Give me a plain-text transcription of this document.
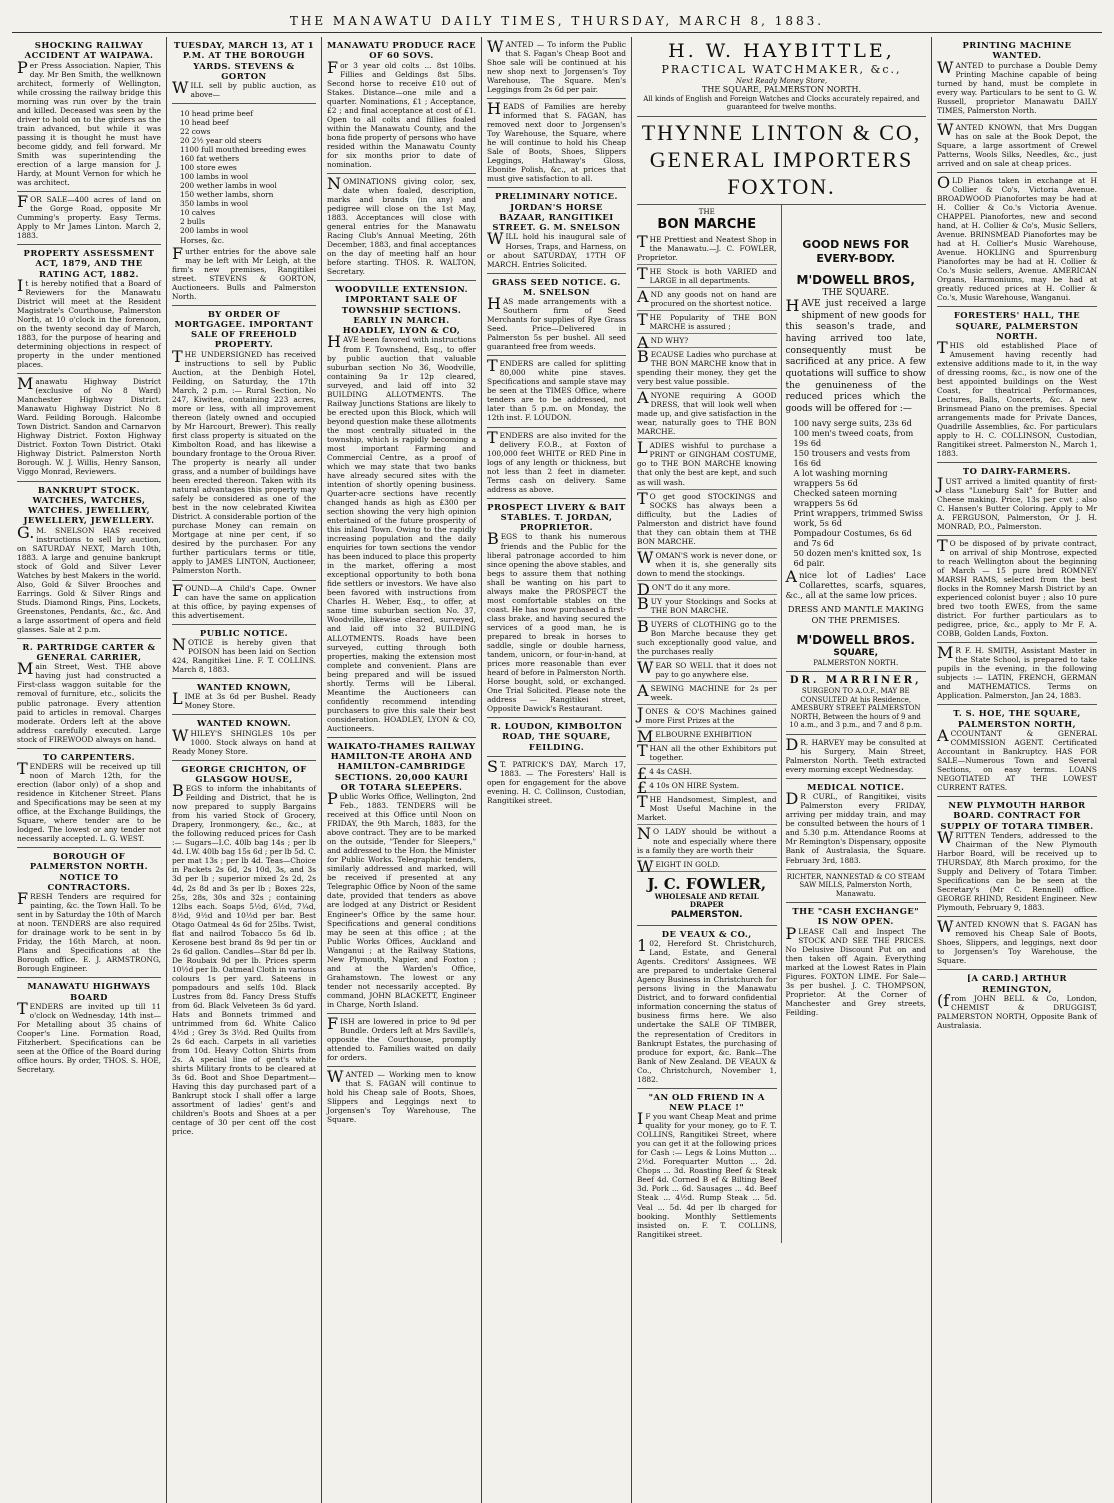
THE MANAWATU DAILY TIMES, THURSDAY, MARCH 8, 1883.
SHOCKING RAILWAY ACCIDENT AT WAIPAWA.
Per Press Association. Napier, This day. Mr Ben Smith, the wellknown architect, formerly of Wellington, while crossing the railway bridge this morning was run over by the train and killed. Deceased was seen by the driver to hold on to the girders as the train advanced, but while it was passing it is thought he must have become giddy, and fell forward. Mr Smith was superintending the erection of a large mansion for J. Hardy, at Mount Vernon for which he was architect.
FOR SALE—400 acres of land on the Gorge Road, opposite Mr Cumming's property. Easy Terms. Apply to Mr James Linton. March 2, 1883.
PROPERTY ASSESSMENT ACT, 1879, AND THE RATING ACT, 1882.
It is hereby notified that a Board of Reviewers for the Manawatu District will meet at the Resident Magistrate's Courthouse, Palmerston North, at 10 o'clock in the forenoon, on the twenty second day of March, 1883, for the purpose of hearing and determining objections in respect of property in the under mentioned places.
Manawatu Highway District (exclusive of No 8 Ward) Manchester Highway District. Manawatu Highway District No 8 Ward. Feilding Borough. Halcombe Town District. Sandon and Carnarvon Highway District. Foxton Highway District. Foxton Town District. Otaki Highway District. Palmerston North Borough. W. J. Willis, Henry Sanson, Viggo Monrad, Reviewers.
BANKRUPT STOCK. WATCHES, WATCHES, WATCHES. JEWELLERY, JEWELLERY, JEWELLERY.
G.M. SNELSON HAS received instructions to sell by auction, on SATURDAY NEXT, March 10th, 1883. A large and genuine bankrupt stock of Gold and Silver Lever Watches by best Makers in the world. Also, Gold & Silver Brooches and Earrings. Gold & Silver Rings and Studs. Diamond Rings, Pins, Lockets, Greenstones, Pendants, &c., &c. And a large assortment of opera and field glasses. Sale at 2 p.m.
R. PARTRIDGE CARTER & GENERAL CARRIER,
Main Street, West. THE above having just had constructed a First-class waggon suitable for the removal of furniture, etc., solicits the public patronage. Every attention paid to articles in removal. Charges moderate. Orders left at the above address carefully executed. Large stock of FIREWOOD always on hand.
TO CARPENTERS.
TENDERS will be received up till noon of March 12th, for the erection (labor only) of a shop and residence in Kitchener Street. Plans and Specifications may be seen at my office, at the Exchange Buildings, the Square, where tender are to be lodged. The lowest or any tender not necessarily accepted. L. G. WEST.
BOROUGH OF PALMERSTON NORTH. NOTICE TO CONTRACTORS.
FRESH Tenders are required for painting, &c. the Town Hall. To be sent in by Saturday the 10th of March at noon. TENDERS are also required for drainage work to be sent in by Friday, the 16th March, at noon. Plans and Specifications at the Borough office. E. J. ARMSTRONG, Borough Engineer.
MANAWATU HIGHWAYS BOARD
TENDERS are invited up till 11 o'clock on Wednesday, 14th inst— For Metalling about 35 chains of Cooper's Line. Formation Road, Fitzherbert. Specifications can be seen at the Office of the Board during office hours. By order, THOS. S. HOE, Secretary.
TUESDAY, MARCH 13, AT 1 P.M. AT THE BOROUGH YARDS. STEVENS & GORTON
WILL sell by public auction, as above—
10 head prime beef
10 head beef
22 cows
20 2½ year old steers
1100 full mouthed breeding ewes
160 fat wethers
100 store ewes
100 lambs in wool
200 wether lambs in wool
150 wether lambs, shorn
350 lambs in wool
10 calves
2 bulls
200 lambs in wool
Horses, &c.
Further entries for the above sale may be left with Mr Leigh, at the firm's new premises, Rangitikei street. STEVENS & GORTON, Auctioneers. Bulls and Palmerston North.
BY ORDER OF MORTGAGEE. IMPORTANT SALE OF FREEHOLD PROPERTY.
THE UNDERSIGNED has received instructions to sell by Public Auction, at the Denbigh Hotel, Feilding, on Saturday, the 17th March, 2 p.m. :— Rural Section, No 247, Kiwitea, containing 223 acres, more or less, with all improvement thereon (lately owned and occupied by Mr Harcourt, Brewer). This really first class property is situated on the Kimbolton Road, and has likewise a boundary frontage to the Oroua River. The property is nearly all under grass, and a number of buildings have been erected thereon. Taken with its natural advantages this property may safely be considered as one of the best in the now celebrated Kiwitea District. A considerable portion of the purchase Money can remain on Mortgage at nine per cent, if so desired by the purchaser. For any further particulars terms or title, apply to JAMES LINTON, Auctioneer, Palmerston North.
FOUND—A Child's Cape. Owner can have the same on application at this office, by paying expenses of this advertisement.
PUBLIC NOTICE.
NOTICE is hereby given that POISON has been laid on Section 424, Rangitikei Line. F. T. COLLINS. March 8, 1883.
WANTED KNOWN,
LIME at 3s 6d per Bushel. Ready Money Store.
WANTED KNOWN.
WHILEY'S SHINGLES 10s per 1000. Stock always on hand at Ready Money Store.
GEORGE CRICHTON, OF GLASGOW HOUSE,
BEGS to inform the inhabitants of Feilding and District, that he is now prepared to supply Bargains from his varied Stock of Grocery, Drapery, Ironmongery, &c., &c., at the following reduced prices for Cash :— Sugars—I.C. 40lb bag 14s ; per lb 4d. I.W. 40lb bag 15s 6d ; per lb 5d. C. per mat 13s ; per lb 4d. Teas—Choice in Packets 2s 6d, 2s 10d, 3s, and 3s 3d per lb ; superior mixed 2s 2d, 2s 4d, 2s 8d and 3s per lb ; Boxes 22s, 25s, 28s, 30s and 32s ; containing 12lbs each. Soaps 5½d, 6½d, 7¼d, 8½d, 9½d and 10½d per bar. Best Otago Oatmeal 4s 6d for 25lbs. Twist, flat and nailrod Tobacco 5s 6d lb. Kerosene best brand 8s 9d per tin or 2s 6d gallon. Candles—Star 8d per lb. De Roubaix 9d per lb. Prices sperm 10½d per lb. Oatmeal Cloth in various colours 1s per yard. Sateens in pompadours and selfs 10d. Black Lustres from 8d. Fancy Dress Stuffs from 6d. Black Velveteen 3s 6d yard. Hats and Bonnets trimmed and untrimmed from 6d. White Calico 4½d ; Grey 3s 3½d. Red Quilts from 2s 6d each. Carpets in all varieties from 10d. Heavy Cotton Shirts from 2s. A special line of gent's white shirts Military fronts to be cleared at 3s 6d. Boot and Shoe Department—Having this day purchased part of a Bankrupt stock I shall offer a large assortment of ladies' gent's and children's Boots and Shoes at a per centage of 30 per cent off the cost price.
MANAWATU PRODUCE RACE OF 60 SOVS.
For 3 year old colts ... 8st 10lbs. Fillies and Geldings 8st 5lbs. Second horse to receive £10 out of Stakes. Distance—one mile and a quarter. Nominations, £1 ; Acceptance, £2 ; and final acceptance at cost of £1. Open to all colts and fillies foaled within the Manawatu County, and the bona fide property of persons who have resided within the Manawatu County for six months prior to date of nomination.
NOMINATIONS giving color, sex, date when foaled, description, marks and brands (in any) and pedigree will close on the 1st May, 1883. Acceptances will close with general entries for the Manawatu Racing Club's Annual Meeting, 26th December, 1883, and final acceptances on the day of meeting half an hour before starting. THOS. R. WALTON, Secretary.
WOODVILLE EXTENSION. IMPORTANT SALE OF TOWNSHIP SECTIONS. EARLY IN MARCH. HOADLEY, LYON & CO,
HAVE been favored with instructions from F. Townshend, Esq., to offer by public auction that valuable suburban section No 36, Woodville, containing 9a 1r 12p cleared, surveyed, and laid off into 32 BUILDING ALLOTMENTS. The Railway Junctions Stations are likely to be erected upon this Block, which will beyond question make these allotments the most centrally situated in the township, which is rapidly becoming a most important Farming and Commercial Centre, as a proof of which we may state that two banks have already secured sites with the intention of shortly opening business. Quarter-acre sections have recently changed hands as high as £300 per section showing the very high opinion entertained of the future prosperity of this inland Town. Owing to the rapidly increasing population and the daily enquiries for town sections the vendor has been induced to place this property in the market, offering a most exceptional opportunity to both bona fide settlers or investors. We have also been favored with instructions from Charles H. Weber, Esq., to offer, at same time suburban section No. 37, Woodville, likewise cleared, surveyed, and laid off into 32 BUILDING ALLOTMENTS. Roads have been surveyed, cutting through both properties, making the extension most complete and convenient. Plans are being prepared and will be issued shortly. Terms will be Liberal. Meantime the Auctioneers can confidently recommend intending purchasers to give this sale their best consideration. HOADLEY, LYON & CO, Auctioneers.
WAIKATO-THAMES RAILWAY HAMILTON-TE AROHA AND HAMILTON-CAMBRIDGE SECTIONS. 20,000 KAURI OR TOTARA SLEEPERS.
Public Works Office, Wellington, 2nd Feb., 1883. TENDERS will be received at this Office until Noon on FRIDAY, the 9th March, 1883, for the above contract. They are to be marked on the outside, "Tender for Sleepers," and addressed to the Hon. the Minister for Public Works. Telegraphic tenders, similarly addressed and marked, will be received if presented at any Telegraphic Office by Noon of the same date, provided that tenders as above are lodged at any District or Resident Engineer's Office by the same hour. Specifications and general conditions may be seen at this office ; at the Public Works Offices, Auckland and Wanganui ; at the Railway Stations, New Plymouth, Napier, and Foxton ; and at the Warden's Office, Grahamstown. The lowest or any tender not necessarily accepted. By command, JOHN BLACKETT, Engineer in Charge, North Island.
FISH are lowered in price to 9d per Bundle. Orders left at Mrs Saville's, opposite the Courthouse, promptly attended to. Families waited on daily for orders.
WANTED — Working men to know that S. FAGAN will continue to hold his Cheap sale of Boots, Shoes, Slippers and Leggings next to Jorgensen's Toy Warehouse, The Square.
WANTED — To inform the Public that S. Fagan's Cheap Boot and Shoe sale will be continued at his new shop next to Jorgensen's Toy Warehouse, The Square. Men's Leggings from 2s 6d per pair.
HEADS of Families are hereby informed that S. FAGAN, has removed next door to Jorgensen's Toy Warehouse, the Square, where he will continue to hold his Cheap Sale of Boots, Shoes, Slippers Leggings, Hathaway's Gloss, Ebonite Polish, &c., at prices that must give satisfaction to all.
PRELIMINARY NOTICE. JORDAN'S HORSE BAZAAR, RANGITIKEI STREET. G. M. SNELSON
WILL hold his inaugural sale of Horses, Traps, and Harness, on or about SATURDAY, 17TH OF MARCH. Entries Solicited.
GRASS SEED NOTICE. G. M. SNELSON
HAS made arrangements with a Southern firm of Seed Merchants for supplies of Rye Grass Seed. Price—Delivered in Palmerston 5s per bushel. All seed guaranteed free from weeds.
TENDERS are called for splitting 80,000 white pine staves. Specifications and sample stave may be seen at the TIMES Office, where tenders are to be addressed, not later than 5 p.m. on Monday, the 12th inst. F. LOUDON.
TENDERS are also invited for the delivery F.O.B., at Foxton of 100,000 feet WHITE or RED Pine in logs of any length or thickness, but not less than 2 feet in diameter. Terms cash on delivery. Same address as above.
PROSPECT LIVERY & BAIT STABLES. T. JORDAN, PROPRIETOR.
BEGS to thank his numerous friends and the Public for the liberal patronage accorded to him since opening the above stables, and begs to assure them that nothing shall be wanting on his part to always make the PROSPECT the most comfortable stables on the coast. He has now purchased a first-class brake, and having secured the services of a good man, he is prepared to break in horses to saddle, single or double harness, tandem, unicorn, or four-in-hand, at prices more reasonable than ever heard of before in Palmerston North. Horse bought, sold, or exchanged. One Trial Solicited. Please note the address — Rangitikei street, Opposite Dawick's Restaurant.
R. LOUDON, KIMBOLTON ROAD, THE SQUARE, FEILDING.
ST. PATRICK'S DAY, March 17, 1883. — The Foresters' Hall is open for engagement for the above evening. H. C. Collinson, Custodian, Rangitikei street.
H. W. HAYBITTLE,
PRACTICAL WATCHMAKER, &c.,
Next Ready Money Store,
THE SQUARE, PALMERSTON NORTH.
All kinds of English and Foreign Watches and Clocks accurately repaired, and guaranteed for twelve months.
THYNNE LINTON & CO,
GENERAL IMPORTERS
FOXTON.
THE
BON MARCHE
THE Prettiest and Neatest Shop in the Manawatu.—J. C. FOWLER, Proprietor.
THE Stock is both VARIED and LARGE in all departments.
AND any goods not on hand are procured on the shortest notice.
THE Popularity of THE BON MARCHE is assured ;
AND WHY?
BECAUSE Ladies who purchase at THE BON MARCHE know that in spending their money, they get the very best value possible.
ANYONE requiring A GOOD DRESS, that will look well when made up, and give satisfaction in the wear, naturally goes to THE BON MARCHE.
LADIES wishful to purchase a PRINT or GINGHAM COSTUME, go to THE BON MARCHE knowing that only the best are kept, and such as will wash.
TO get good STOCKINGS and SOCKS has always been a difficulty, but the Ladies of Palmerston and district have found that they can obtain them at THE BON MARCHE.
WOMAN'S work is never done, or when it is, she generally sits down to mend the stockings.
DON'T do it any more.
BUY your Stockings and Socks at THE BON MARCHE.
BUYERS of CLOTHING go to the Bon Marche because they get such exceptionally good value, and the purchases really
WEAR SO WELL that it does not pay to go anywhere else.
ASEWING MACHINE for 2s per week.
JONES & CO'S Machines gained more First Prizes at the
MELBOURNE EXHIBITION
THAN all the other Exhibitors put together.
£4 4s CASH.
£4 10s ON HIRE System.
THE Handsomest, Simplest, and Most Useful Machine in the Market.
NO LADY should be without a note and especially where there is a family they are worth their
WEIGHT IN GOLD.
J. C. FOWLER,
WHOLESALE AND RETAIL DRAPER
PALMERSTON.
DE VEAUX & CO.,
102, Hereford St. Christchurch, Land, Estate, and General Agents. Creditors' Assignees. WE are prepared to undertake General Agency Business in Christchurch for persons living in the Manawatu District, and to forward confidential information concerning the status of business firms here. We also undertake the SALE OF TIMBER, the representation of Creditors in Bankrupt Estates, the purchasing of produce for export, &c. Bank—The Bank of New Zealand. DE VEAUX & Co., Christchurch, November 1, 1882.
"AN OLD FRIEND IN A NEW PLACE !"
IF you want Cheap Meat and prime quality for your money, go to F. T. COLLINS, Rangitikei Street, where you can get it at the following prices for Cash :— Legs & Loins Mutton ... 2½d. Forequarter Mutton ... 2d. Chops ... 3d. Roasting Beef & Steak Beef 4d. Corned B ef & Bilting Beef 3d. Pork ... 6d. Sausages ... 4d. Beef Steak ... 4½d. Rump Steak ... 5d. Veal ... 5d. 4d per lb charged for booking. Monthly Settlements insisted on. F. T. COLLINS, Rangitikei street.
GOOD NEWS FOR EVERY-BODY.
M'DOWELL BROS,
THE SQUARE.
HAVE just received a large shipment of new goods for this season's trade, and having arrived too late, consequently must be sacrificed at any price. A few quotations will suffice to show the genuineness of the reduced prices which the goods will be offered for :—
100 navy serge suits, 23s 6d
100 men's tweed coats, from 19s 6d
150 trousers and vests from 16s 6d
A lot washing morning wrappers 5s 6d
Checked sateen morning wrappers 5s 6d
Print wrappers, trimmed Swiss work, 5s 6d
Pompadour Costumes, 6s 6d and 7s 6d
50 dozen men's knitted sox, 1s 6d pair.
Anice lot of Ladies' Lace Collarettes, scarfs, squares, &c., all at the same low prices.
DRESS AND MANTLE MAKING ON THE PREMISES.
M'DOWELL BROS.
SQUARE,
PALMERSTON NORTH.
DR. MARRINER,
SURGEON TO A.O.F., MAY BE CONSULTED At his Residence, AMESBURY STREET PALMERSTON NORTH, Between the hours of 9 and 10 a.m., and 3 p.m., and 7 and 8 p.m.
DR. HARVEY may be consulted at his Surgery, Main Street, Palmerston North. Teeth extracted every morning except Wednesday.
MEDICAL NOTICE.
DR CURL, of Rangitikei, visits Palmerston every FRIDAY, arriving per midday train, and may be consulted between the hours of 1 and 5.30 p.m. Attendance Rooms at Mr Remington's Dispensary, opposite Bank of Australasia, the Square. February 3rd, 1883.
RICHTER, NANNESTAD & CO STEAM SAW MILLS, Palmerston North, Manawatu.
THE "CASH EXCHANGE" IS NOW OPEN.
PLEASE Call and Inspect The STOCK AND SEE THE PRICES. No Delusive Discount Put on and then taken off Again. Everything marked at the Lowest Rates in Plain Figures. FOXTON LIME. For Sale—3s per bushel. J. C. THOMPSON, Proprietor. At the Corner of Manchester and Grey streets, Feilding.
PRINTING MACHINE WANTED.
WANTED to purchase a Double Demy Printing Machine capable of being turned by hand, must be complete in every way. Particulars to be sent to G. W. Russell, proprietor Manawatu DAILY TIMES, Palmerston North.
WANTED KNOWN, that Mrs Duggan has on sale at the Book Depot, the Square, a large assortment of Crewel Patterns, Wools Silks, Needles, &c., just arrived and on sale at cheap prices.
OLD Pianos taken in exchange at H Collier & Co's, Victoria Avenue. BROADWOOD Pianofortes may be had at H. Collier & Co.'s Victoria Avenue. CHAPPEL Pianofortes, new and second hand, at H. Collier & Co's, Music Sellers, Avenue. BRINSMEAD Pianofortes may be had at H. Collier's Music Warehouse, Avenue. HOKLING and Spurrenburg Pianofortes may be had at H. Collier & Co.'s Music sellers, Avenue. AMERICAN Organs, Harmoniums, may be had at greatly reduced prices at H. Collier & Co.'s, Music Warehouse, Wanganui.
FORESTERS' HALL, THE SQUARE, PALMERSTON NORTH.
THIS old established Place of Amusement having recently had extensive additions made to it, in the way of dressing rooms, &c., is now one of the best appointed buildings on the West Coast, for theatrical Performances, Lectures, Balls, Concerts, &c. A new Brinsmead Piano on the premises. Special arrangements made for Private Dances, Quadrille Assemblies, &c. For particulars apply to H. C. COLLINSON, Custodian, Rangitikei street. Palmerston N., March 1, 1883.
TO DAIRY-FARMERS.
JUST arrived a limited quantity of first-class "Luneburg Salt" for Butter and Cheese making. Price, 13s per cwt ; also C. Hansen's Butter Coloring. Apply to Mr A. FERGUSON, Palmerston, Or J. H. MONRAD, P.O., Palmerston.
TO be disposed of by private contract, on arrival of ship Montrose, expected to reach Wellington about the beginning of March — 15 pure bred ROMNEY MARSH RAMS, selected from the best flocks in the Romney Marsh District by an experienced colonist buyer ; also 10 pure bred two tooth EWES, from the same district. For further particulars as to pedigree, price, &c., apply to Mr F. A. COBB, Golden Lands, Foxton.
MR F. H. SMITH, Assistant Master in the State School, is prepared to take pupils in the evening, in the following subjects :— LATIN, FRENCH, GERMAN and MATHEMATICS. Terms on Application. Palmerston, Jan 24, 1883.
T. S. HOE, THE SQUARE, PALMERSTON NORTH,
ACCOUNTANT & GENERAL COMMISSION AGENT. Certificated Accountant in Bankruptcy. HAS FOR SALE—Numerous Town and Several Sections, on easy terms. LOANS NEGOTIATED AT THE LOWEST CURRENT RATES.
NEW PLYMOUTH HARBOR BOARD. CONTRACT FOR SUPPLY OF TOTARA TIMBER.
WRITTEN Tenders, addressed to the Chairman of the New Plymouth Harbor Board, will be received up to THURSDAY, 8th March proximo, for the Supply and Delivery of Totara Timber. Specifications can be be seen at the Secretary's (Mr C. Rennell) office. GEORGE RHIND, Resident Engineer. New Plymouth, February 9, 1883.
WANTED KNOWN that S. FAGAN has removed his Cheap Sale of Boots, Shoes, Slippers, and leggings, next door to Jorgensen's Toy Warehouse, the Square.
[A CARD.] ARTHUR REMINGTON,
(from JOHN BELL & Co, London, CHEMIST & DRUGGIST, PALMERSTON NORTH, Opposite Bank of Australasia.
